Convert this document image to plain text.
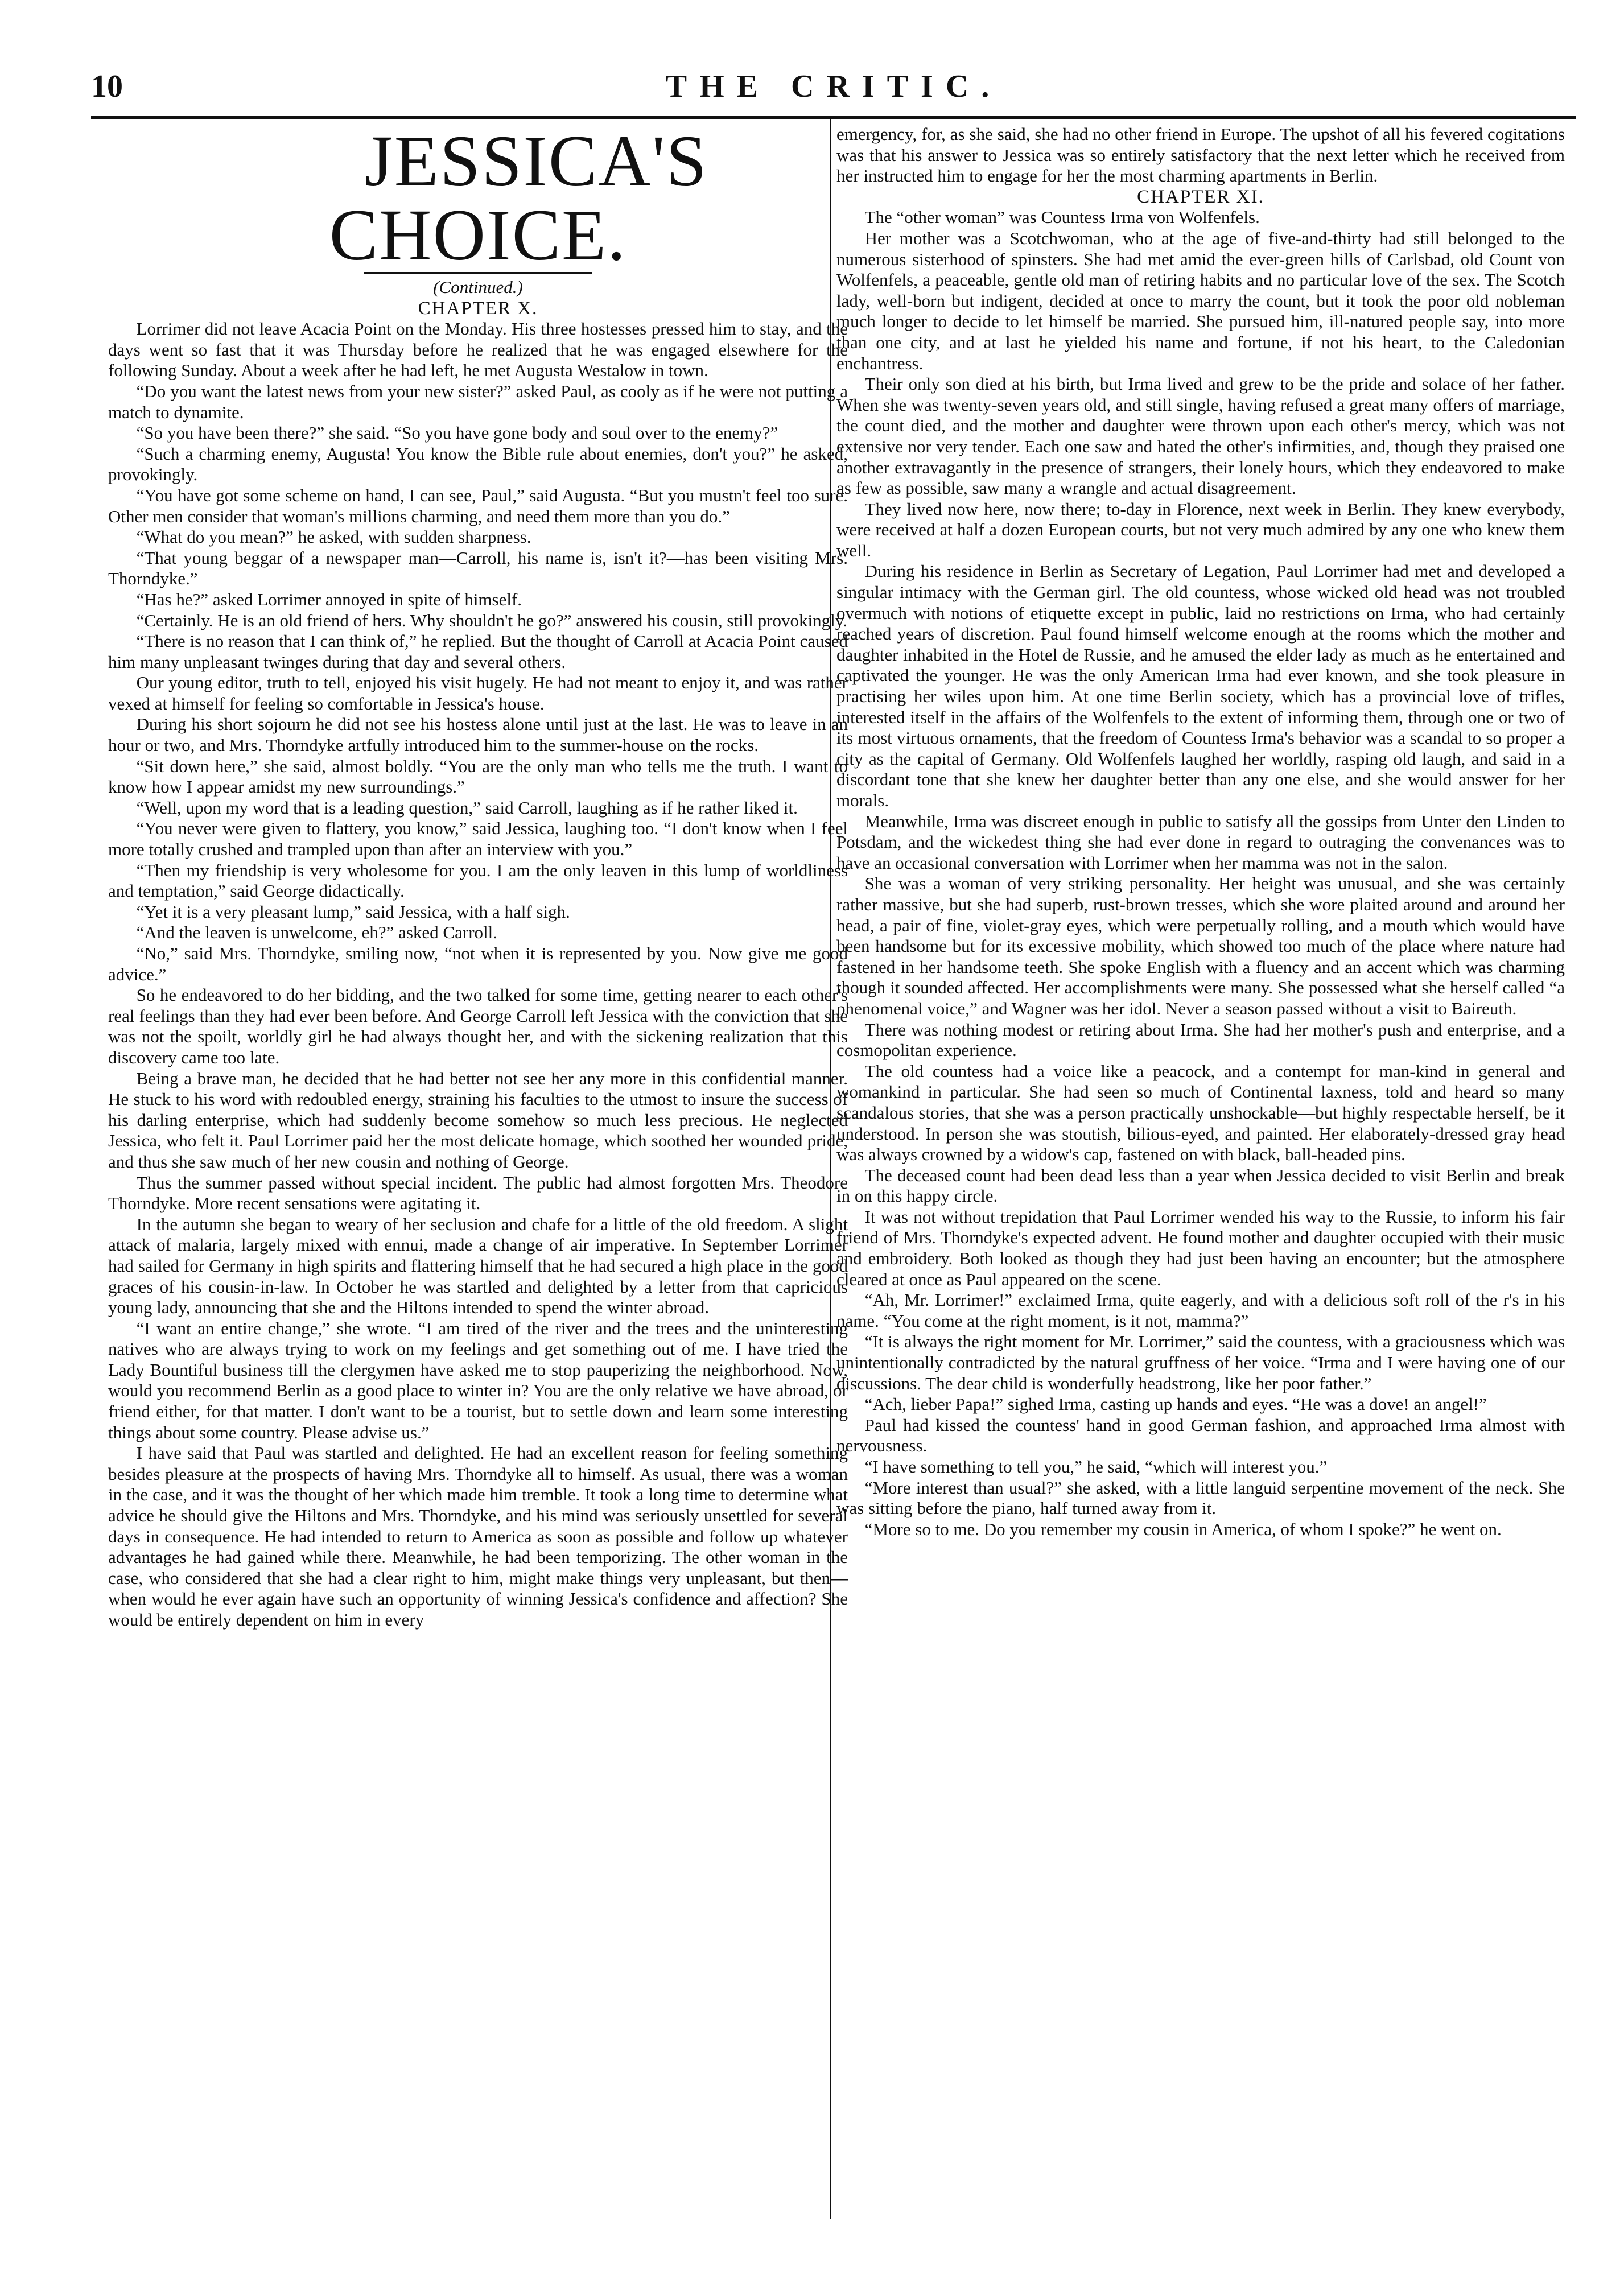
10	THE CRITIC.

JESSICA'S CHOICE.

(Continued.)

CHAPTER X.

Lorrimer did not leave Acacia Point on the Monday. His three hostesses pressed him to stay, and the days went so fast that it was Thursday before he realized that he was engaged elsewhere for the following Sunday. About a week after he had left, he met Augusta Westalow in town.

“Do you want the latest news from your new sister?” asked Paul, as cooly as if he were not putting a match to dynamite.

“So you have been there?” she said. “So you have gone body and soul over to the enemy?”

“Such a charming enemy, Augusta! You know the Bible rule about enemies, don't you?” he asked, provokingly.

“You have got some scheme on hand, I can see, Paul,” said Augusta. “But you mustn't feel too sure. Other men consider that woman's millions charming, and need them more than you do.”

“What do you mean?” he asked, with sudden sharpness.

“That young beggar of a newspaper man—Carroll, his name is, isn't it?—has been visiting Mrs. Thorndyke.”

“Has he?” asked Lorrimer annoyed in spite of himself.

“Certainly. He is an old friend of hers. Why shouldn't he go?” answered his cousin, still provokingly.

“There is no reason that I can think of,” he replied. But the thought of Carroll at Acacia Point caused him many unpleasant twinges during that day and several others.

Our young editor, truth to tell, enjoyed his visit hugely. He had not meant to enjoy it, and was rather vexed at himself for feeling so comfortable in Jessica's house.

During his short sojourn he did not see his hostess alone until just at the last. He was to leave in an hour or two, and Mrs. Thorndyke artfully introduced him to the summer-house on the rocks.

“Sit down here,” she said, almost boldly. “You are the only man who tells me the truth. I want to know how I appear amidst my new surroundings.”

“Well, upon my word that is a leading question,” said Carroll, laughing as if he rather liked it.

“You never were given to flattery, you know,” said Jessica, laughing too. “I don't know when I feel more totally crushed and trampled upon than after an interview with you.”

“Then my friendship is very wholesome for you. I am the only leaven in this lump of worldliness and temptation,” said George didactically.

“Yet it is a very pleasant lump,” said Jessica, with a half sigh.

“And the leaven is unwelcome, eh?” asked Carroll.

“No,” said Mrs. Thorndyke, smiling now, “not when it is represented by you. Now give me good advice.”

So he endeavored to do her bidding, and the two talked for some time, getting nearer to each other's real feelings than they had ever been before. And George Carroll left Jessica with the conviction that she was not the spoilt, worldly girl he had always thought her, and with the sickening realization that this discovery came too late.

Being a brave man, he decided that he had better not see her any more in this confidential manner. He stuck to his word with redoubled energy, straining his faculties to the utmost to insure the success of his darling enterprise, which had suddenly become somehow so much less precious. He neglected Jessica, who felt it. Paul Lorrimer paid her the most delicate homage, which soothed her wounded pride, and thus she saw much of her new cousin and nothing of George.

Thus the summer passed without special incident. The public had almost forgotten Mrs. Theodore Thorndyke. More recent sensations were agitating it.

In the autumn she began to weary of her seclusion and chafe for a little of the old freedom. A slight attack of malaria, largely mixed with ennui, made a change of air imperative. In September Lorrimer had sailed for Germany in high spirits and flattering himself that he had secured a high place in the good graces of his cousin-in-law. In October he was startled and delighted by a letter from that capricious young lady, announcing that she and the Hiltons intended to spend the winter abroad.

“I want an entire change,” she wrote. “I am tired of the river and the trees and the uninteresting natives who are always trying to work on my feelings and get something out of me. I have tried the Lady Bountiful business till the clergymen have asked me to stop pauperizing the neighborhood. Now, would you recommend Berlin as a good place to winter in? You are the only relative we have abroad, or friend either, for that matter. I don't want to be a tourist, but to settle down and learn some interesting things about some country. Please advise us.”

I have said that Paul was startled and delighted. He had an excellent reason for feeling something besides pleasure at the prospects of having Mrs. Thorndyke all to himself. As usual, there was a woman in the case, and it was the thought of her which made him tremble. It took a long time to determine what advice he should give the Hiltons and Mrs. Thorndyke, and his mind was seriously unsettled for several days in consequence. He had intended to return to America as soon as possible and follow up whatever advantages he had gained while there. Meanwhile, he had been temporizing. The other woman in the case, who considered that she had a clear right to him, might make things very unpleasant, but then—when would he ever again have such an opportunity of winning Jessica's confidence and affection? She would be entirely dependent on him in every

emergency, for, as she said, she had no other friend in Europe. The upshot of all his fevered cogitations was that his answer to Jessica was so entirely satisfactory that the next letter which he received from her instructed him to engage for her the most charming apartments in Berlin.

CHAPTER XI.

The “other woman” was Countess Irma von Wolfenfels.

Her mother was a Scotchwoman, who at the age of five-and-thirty had still belonged to the numerous sisterhood of spinsters. She had met amid the ever-green hills of Carlsbad, old Count von Wolfenfels, a peaceable, gentle old man of retiring habits and no particular love of the sex. The Scotch lady, well-born but indigent, decided at once to marry the count, but it took the poor old nobleman much longer to decide to let himself be married. She pursued him, ill-natured people say, into more than one city, and at last he yielded his name and fortune, if not his heart, to the Caledonian enchantress.

Their only son died at his birth, but Irma lived and grew to be the pride and solace of her father. When she was twenty-seven years old, and still single, having refused a great many offers of marriage, the count died, and the mother and daughter were thrown upon each other's mercy, which was not extensive nor very tender. Each one saw and hated the other's infirmities, and, though they praised one another extravagantly in the presence of strangers, their lonely hours, which they endeavored to make as few as possible, saw many a wrangle and actual disagreement.

They lived now here, now there; to-day in Florence, next week in Berlin. They knew everybody, were received at half a dozen European courts, but not very much admired by any one who knew them well.

During his residence in Berlin as Secretary of Legation, Paul Lorrimer had met and developed a singular intimacy with the German girl. The old countess, whose wicked old head was not troubled overmuch with notions of etiquette except in public, laid no restrictions on Irma, who had certainly reached years of discretion. Paul found himself welcome enough at the rooms which the mother and daughter inhabited in the Hotel de Russie, and he amused the elder lady as much as he entertained and captivated the younger. He was the only American Irma had ever known, and she took pleasure in practising her wiles upon him. At one time Berlin society, which has a provincial love of trifles, interested itself in the affairs of the Wolfenfels to the extent of informing them, through one or two of its most virtuous ornaments, that the freedom of Countess Irma's behavior was a scandal to so proper a city as the capital of Germany. Old Wolfenfels laughed her worldly, rasping old laugh, and said in a discordant tone that she knew her daughter better than any one else, and she would answer for her morals.

Meanwhile, Irma was discreet enough in public to satisfy all the gossips from Unter den Linden to Potsdam, and the wickedest thing she had ever done in regard to outraging the convenances was to have an occasional conversation with Lorrimer when her mamma was not in the salon.

She was a woman of very striking personality. Her height was unusual, and she was certainly rather massive, but she had superb, rust-brown tresses, which she wore plaited around and around her head, a pair of fine, violet-gray eyes, which were perpetually rolling, and a mouth which would have been handsome but for its excessive mobility, which showed too much of the place where nature had fastened in her handsome teeth. She spoke English with a fluency and an accent which was charming though it sounded affected. Her accomplishments were many. She possessed what she herself called “a phenomenal voice,” and Wagner was her idol. Never a season passed without a visit to Baireuth.

There was nothing modest or retiring about Irma. She had her mother's push and enterprise, and a cosmopolitan experience.

The old countess had a voice like a peacock, and a contempt for man-kind in general and womankind in particular. She had seen so much of Continental laxness, told and heard so many scandalous stories, that she was a person practically unshockable—but highly respectable herself, be it understood. In person she was stoutish, bilious-eyed, and painted. Her elaborately-dressed gray head was always crowned by a widow's cap, fastened on with black, ball-headed pins.

The deceased count had been dead less than a year when Jessica decided to visit Berlin and break in on this happy circle.

It was not without trepidation that Paul Lorrimer wended his way to the Russie, to inform his fair friend of Mrs. Thorndyke's expected advent. He found mother and daughter occupied with their music and embroidery. Both looked as though they had just been having an encounter; but the atmosphere cleared at once as Paul appeared on the scene.

“Ah, Mr. Lorrimer!” exclaimed Irma, quite eagerly, and with a delicious soft roll of the r's in his name. “You come at the right moment, is it not, mamma?”

“It is always the right moment for Mr. Lorrimer,” said the countess, with a graciousness which was unintentionally contradicted by the natural gruffness of her voice. “Irma and I were having one of our discussions. The dear child is wonderfully headstrong, like her poor father.”

“Ach, lieber Papa!” sighed Irma, casting up hands and eyes. “He was a dove! an angel!”

Paul had kissed the countess' hand in good German fashion, and approached Irma almost with nervousness.

“I have something to tell you,” he said, “which will interest you.”

“More interest than usual?” she asked, with a little languid serpentine movement of the neck. She was sitting before the piano, half turned away from it.

“More so to me. Do you remember my cousin in America, of whom I spoke?” he went on.
